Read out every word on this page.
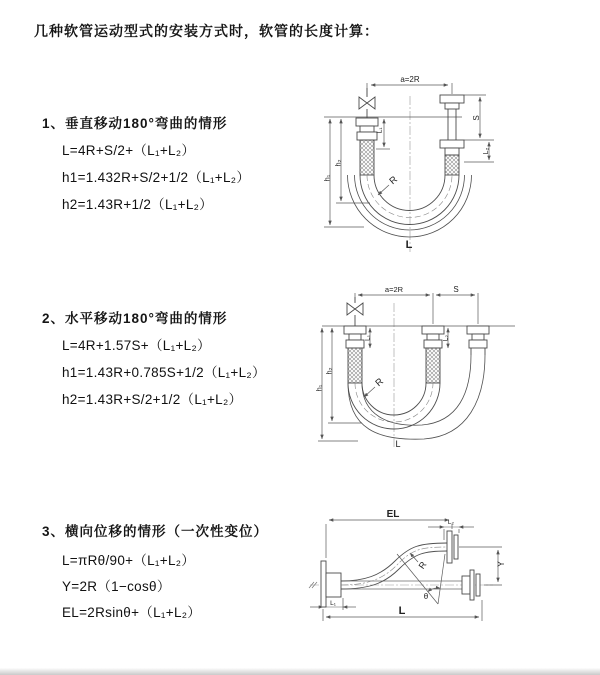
几种软管运动型式的安装方式时，软管的长度计算：
1、垂直移动180°弯曲的情形
L=4R+S/2+（L₁+L₂）
h1=1.432R+S/2+1/2（L₁+L₂）
h2=1.43R+1/2（L₁+L₂）
2、水平移动180°弯曲的情形
L=4R+1.57S+（L₁+L₂）
h1=1.43R+0.785S+1/2（L₁+L₂）
h2=1.43R+S/2+1/2（L₁+L₂）
3、横向位移的情形（一次性变位）
L=πRθ/90+（L₁+L₂）
Y=2R（1−cosθ）
EL=2Rsinθ+（L₁+L₂）
a=2R
L₁
S
L₂
h₂
h₁	R
L
a=2R	S
L₁	L₂
h₂
h₁	R
L
EL
L₂
Y
R
θ
L₁
L
